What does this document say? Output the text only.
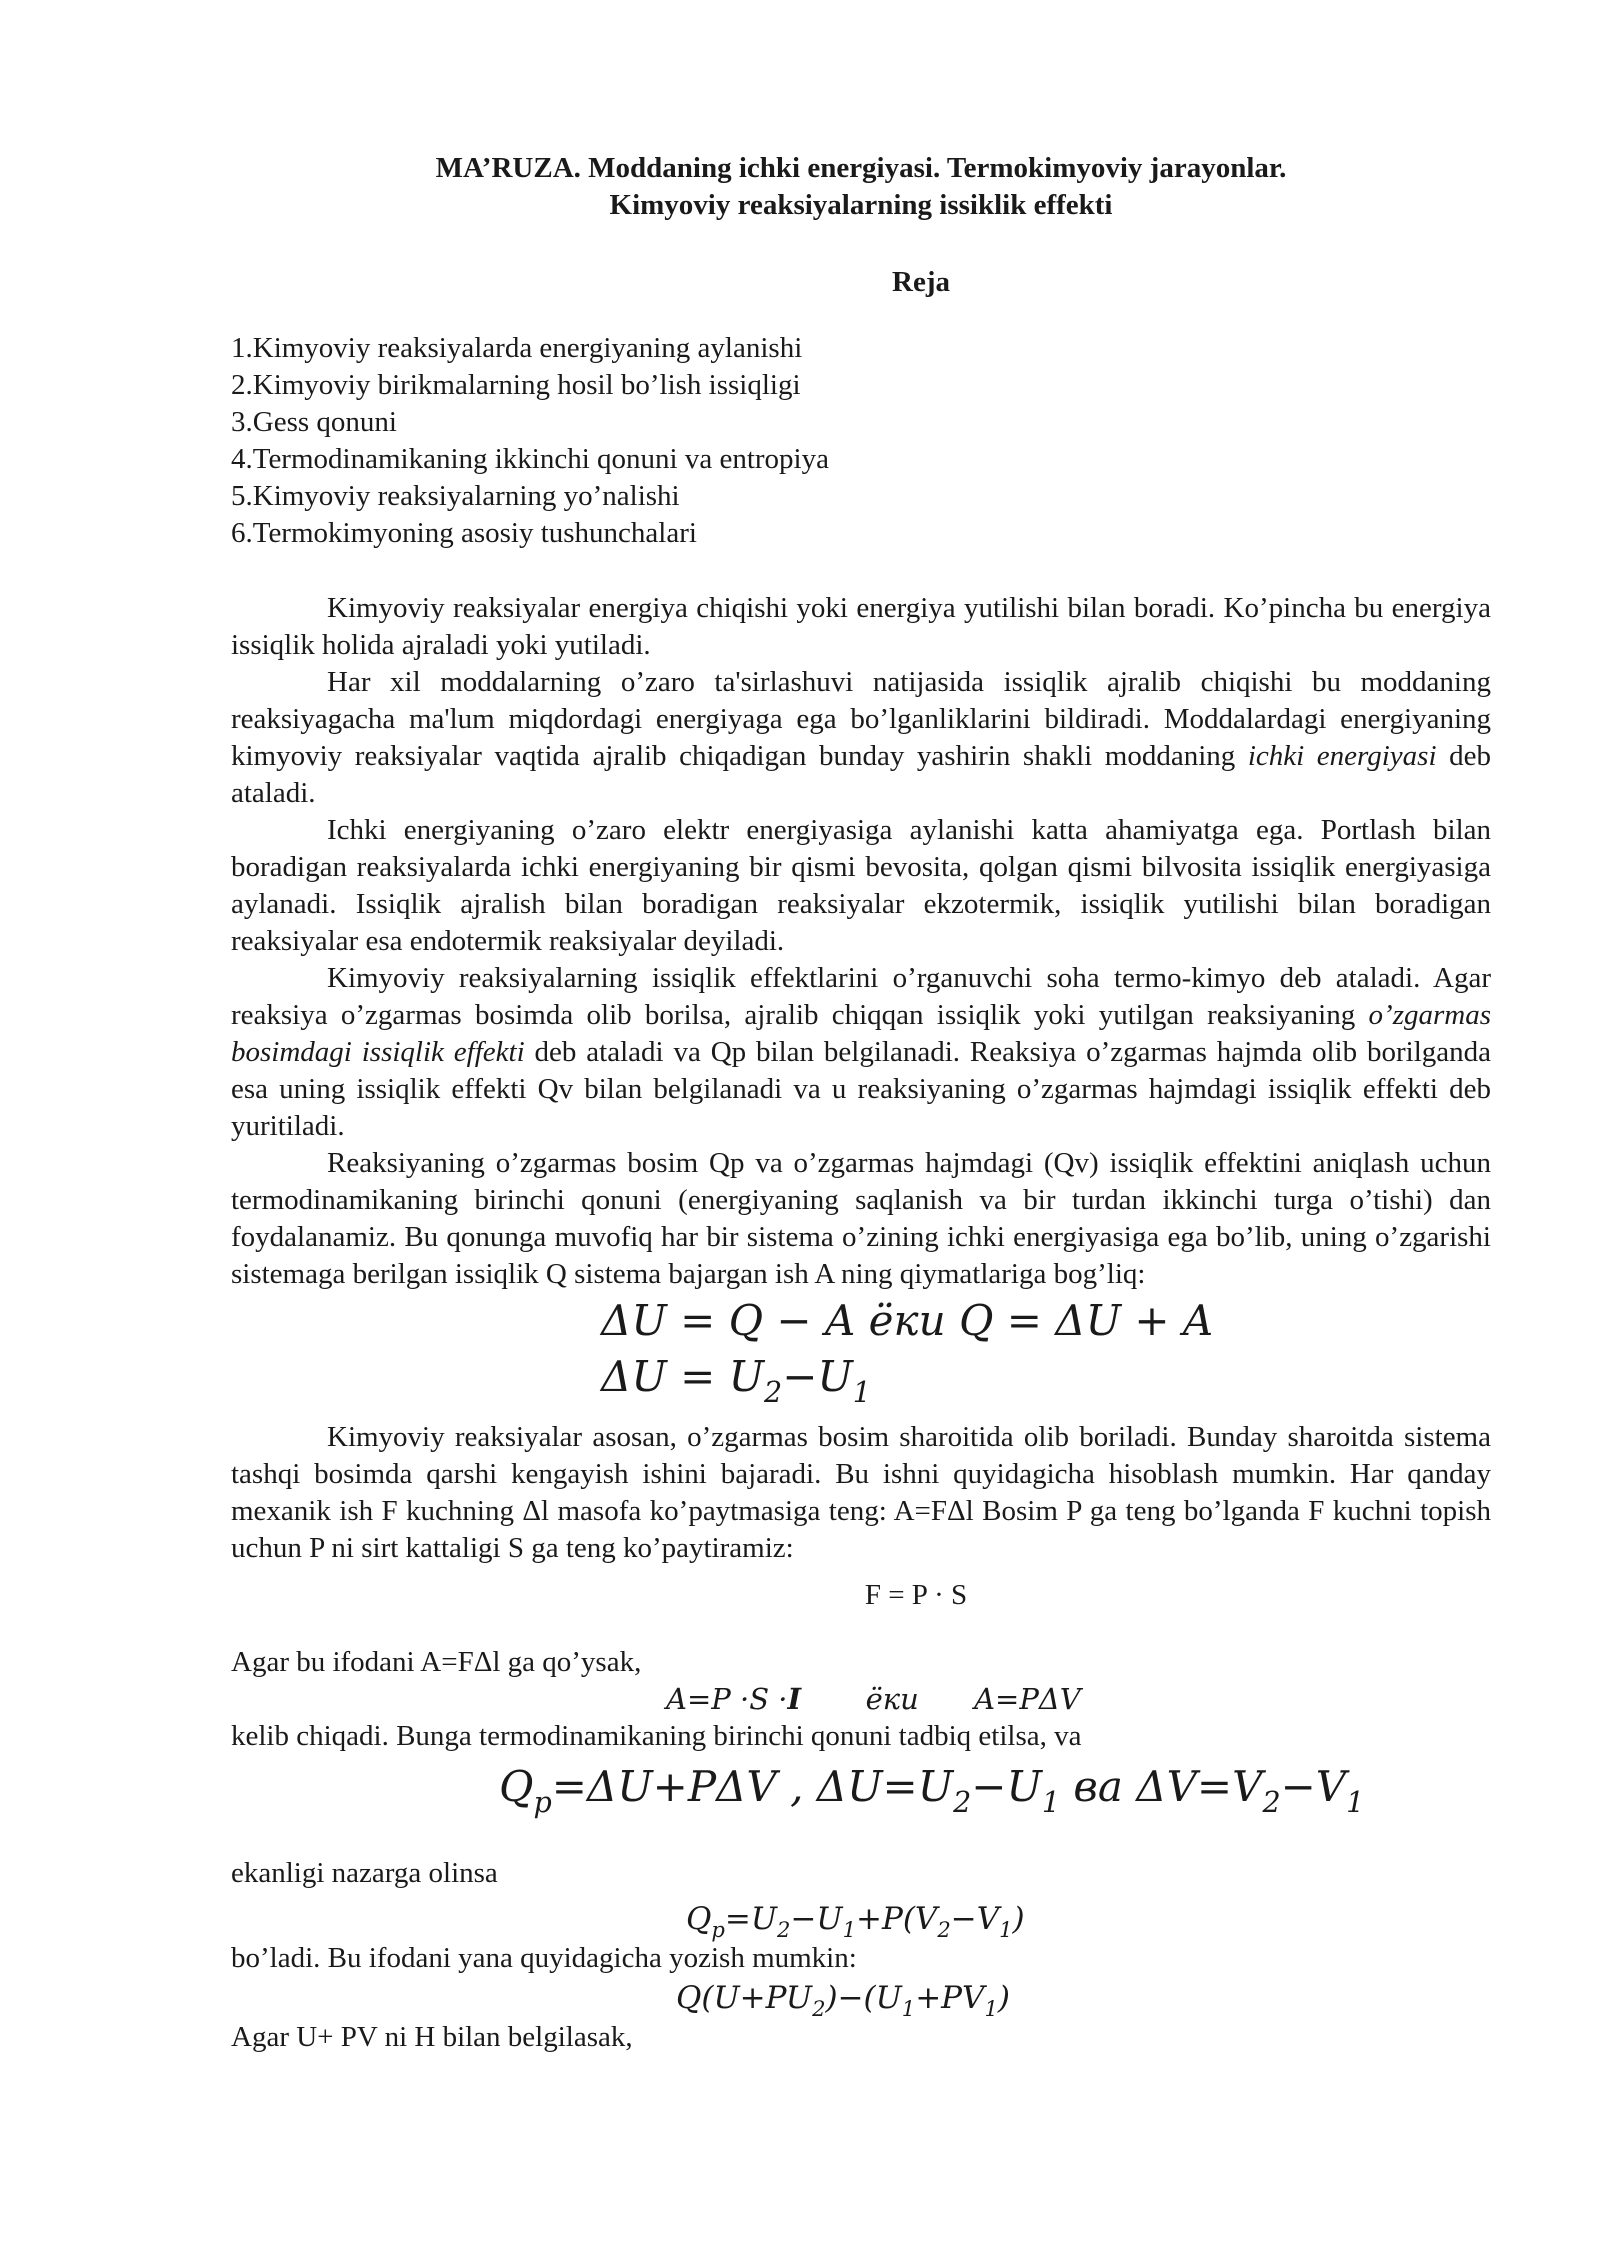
MA’RUZA. Moddaning ichki energiyasi. Termokimyoviy jarayonlar.

Kimyoviy reaksiyalarning issiklik effekti

Reja

1.Kimyoviy reaksiyalarda energiyaning aylanishi

2.Kimyoviy birikmalarning hosil bo’lish issiqligi

3.Gess qonuni

4.Termodinamikaning ikkinchi qonuni va entropiya

5.Kimyoviy reaksiyalarning yo’nalishi

6.Termokimyoning asosiy tushunchalari

Kimyoviy reaksiyalar energiya chiqishi yoki energiya yutilishi bilan boradi. Ko’pincha bu energiya issiqlik holida ajraladi yoki yutiladi.

Har xil moddalarning o’zaro ta'sirlashuvi natijasida issiqlik ajralib chiqishi bu moddaning reaksiyagacha ma'lum miqdordagi energiyaga ega bo’lganliklarini bildiradi. Moddalardagi energiyaning kimyoviy reaksiyalar vaqtida ajralib chiqadigan bunday yashirin shakli moddaning ichki energiyasi deb ataladi.

Ichki energiyaning o’zaro elektr energiyasiga aylanishi katta ahamiyatga ega. Portlash bilan boradigan reaksiyalarda ichki energiyaning bir qismi bevosita, qolgan qismi bilvosita issiqlik energiyasiga aylanadi. Issiqlik ajralish bilan boradigan reaksiyalar ekzotermik, issiqlik yutilishi bilan boradigan reaksiyalar esa endotermik reaksiyalar deyiladi.

Kimyoviy reaksiyalarning issiqlik effektlarini o’rganuvchi soha termo-kimyo deb ataladi. Agar reaksiya o’zgarmas bosimda olib borilsa, ajralib chiqqan issiqlik yoki yutilgan reaksiyaning o’zgarmas bosimdagi issiqlik effekti deb ataladi va Qp bilan belgilanadi. Reaksiya o’zgarmas hajmda olib borilganda esa uning issiqlik effekti Qv bilan belgilanadi va u reaksiyaning o’zgarmas hajmdagi issiqlik effekti deb yuritiladi.

Reaksiyaning o’zgarmas bosim Qp va o’zgarmas hajmdagi (Qv) issiqlik effektini aniqlash uchun termodinamikaning birinchi qonuni (energiyaning saqlanish va bir turdan ikkinchi turga o’tishi) dan foydalanamiz. Bu qonunga muvofiq har bir sistema o’zining ichki energiyasiga ega bo’lib, uning o’zgarishi sistemaga berilgan issiqlik Q sistema bajargan ish A ning qiymatlariga bog’liq:

ΔU = Q − A ёки Q = ΔU + A
$\Delta U = U_2-U_1$

Kimyoviy reaksiyalar asosan, o’zgarmas bosim sharoitida olib boriladi. Bunday sharoitda sistema tashqi bosimda qarshi kengayish ishini bajaradi. Bu ishni quyidagicha hisoblash mumkin. Har qanday mexanik ish F kuchning Δl masofa ko’paytmasiga teng: A=FΔl Bosim P ga teng bo’lganda F kuchni topish uchun P ni sirt kattaligi S ga teng ko’paytiramiz:

F = P · S

Agar bu ifodani A=FΔl ga qo’ysak,

A=P ·S ·I       ёки      A=PΔV

kelib chiqadi. Bunga termodinamikaning birinchi qonuni tadbiq etilsa, va

$Q_p=\Delta U+P\Delta V$ , $\Delta U=U_2-U_1$ ва $\Delta V=V_2-V_1$

ekanligi nazarga olinsa

$Q_p=U_2-U_1+P(V_2-V_1)$

bo’ladi. Bu ifodani yana quyidagicha yozish mumkin:

$Q(U+PU_2)-(U_1+PV_1)$

Agar U+ PV ni H bilan belgilasak,
